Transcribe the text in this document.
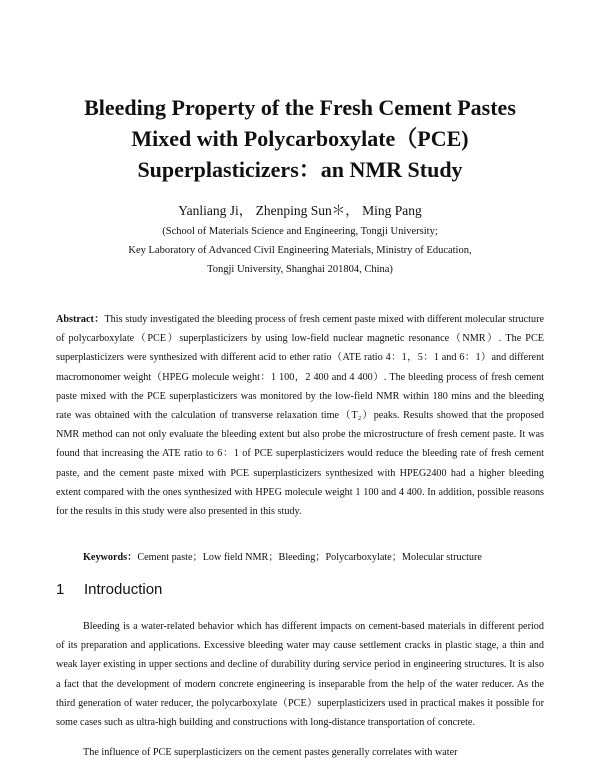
Bleeding Property of the Fresh Cement Pastes
Mixed with Polycarboxylate（PCE)
Superplasticizers：an NMR Study
Yanliang Ji， Zhenping Sun＊， Ming Pang
(School of Materials Science and Engineering, Tongji University;
Key Laboratory of Advanced Civil Engineering Materials, Ministry of Education,
Tongji University, Shanghai 201804, China)
Abstract：This study investigated the bleeding process of fresh cement paste mixed with different molecular structure of polycarboxylate（PCE）superplasticizers by using low-field nuclear magnetic resonance（NMR）. The PCE superplasticizers were synthesized with different acid to ether ratio（ATE ratio 4：1，5：1 and 6：1）and different macromonomer weight（HPEG molecule weight：1 100，2 400 and 4 400）. The bleeding process of fresh cement paste mixed with the PCE superplasticizers was monitored by the low-field NMR within 180 mins and the bleeding rate was obtained with the calculation of transverse relaxation time（T₂）peaks. Results showed that the proposed NMR method can not only evaluate the bleeding extent but also probe the microstructure of fresh cement paste. It was found that increasing the ATE ratio to 6：1 of PCE superplasticizers would reduce the bleeding rate of fresh cement paste, and the cement paste mixed with PCE superplasticizers synthesized with HPEG2400 had a higher bleeding extent compared with the ones synthesized with HPEG molecule weight 1 100 and 4 400. In addition, possible reasons for the results in this study were also presented in this study.
Keywords：Cement paste；Low field NMR；Bleeding；Polycarboxylate；Molecular structure
1 Introduction
Bleeding is a water-related behavior which has different impacts on cement-based materials in different period of its preparation and applications. Excessive bleeding water may cause settlement cracks in plastic stage, a thin and weak layer existing in upper sections and decline of durability during service period in engineering structures. It is also a fact that the development of modern concrete engineering is inseparable from the help of the water reducer. As the third generation of water reducer, the polycarboxylate（PCE）superplasticizers used in practical makes it possible for some cases such as ultra-high building and constructions with long-distance transportation of concrete.
The influence of PCE superplasticizers on the cement pastes generally correlates with water
